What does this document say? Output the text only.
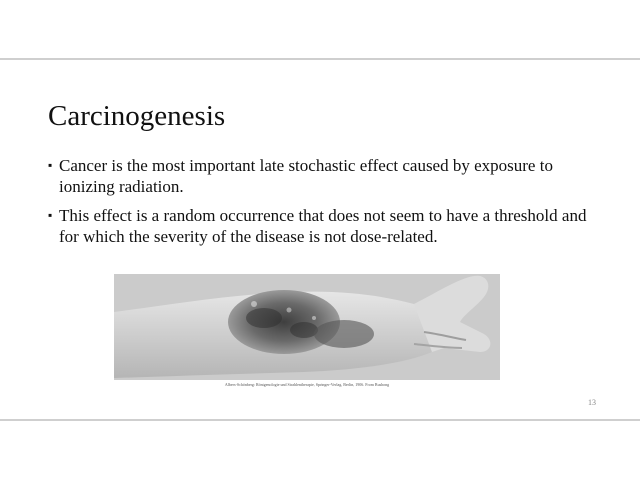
Carcinogenesis
▪ Cancer is the most important late stochastic effect caused by exposure to ionizing radiation.
▪ This effect is a random occurrence that does not seem to have a threshold and for which the severity of the disease is not dose-related.
Albers-Schönberg: Röntgenologie und Strahlentherapie, Springer-Verlag, Berlin, 1906. From Bushong
13
